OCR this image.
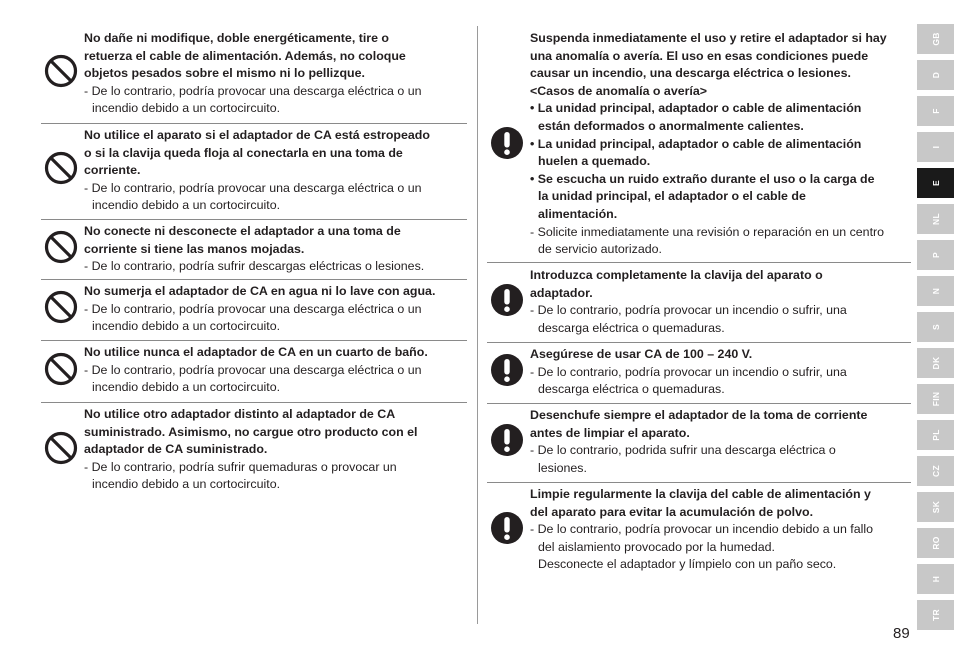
No dañe ni modifique, doble energéticamente, tire o
retuerza el cable de alimentación. Además, no coloque
objetos pesados sobre el mismo ni lo pellizque.
- De lo contrario, podría provocar una descarga eléctrica o un
incendio debido a un cortocircuito.
No utilice el aparato si el adaptador de CA está estropeado
o si la clavija queda floja al conectarla en una toma de
corriente.
- De lo contrario, podría provocar una descarga eléctrica o un
incendio debido a un cortocircuito.
No conecte ni desconecte el adaptador a una toma de
corriente si tiene las manos mojadas.
- De lo contrario, podría sufrir descargas eléctricas o lesiones.
No sumerja el adaptador de CA en agua ni lo lave con agua.
- De lo contrario, podría provocar una descarga eléctrica o un
incendio debido a un cortocircuito.
No utilice nunca el adaptador de CA en un cuarto de baño.
- De lo contrario, podría provocar una descarga eléctrica o un
incendio debido a un cortocircuito.
No utilice otro adaptador distinto al adaptador de CA
suministrado. Asimismo, no cargue otro producto con el
adaptador de CA suministrado.
- De lo contrario, podría sufrir quemaduras o provocar un
incendio debido a un cortocircuito.
Suspenda inmediatamente el uso y retire el adaptador si hay
una anomalía o avería. El uso en esas condiciones puede
causar un incendio, una descarga eléctrica o lesiones.
<Casos de anomalía o avería>
• La unidad principal, adaptador o cable de alimentación
están deformados o anormalmente calientes.
• La unidad principal, adaptador o cable de alimentación
huelen a quemado.
• Se escucha un ruido extraño durante el uso o la carga de
la unidad principal, el adaptador o el cable de
alimentación.
- Solicite inmediatamente una revisión o reparación en un centro
de servicio autorizado.
Introduzca completamente la clavija del aparato o
adaptador.
- De lo contrario, podría provocar un incendio o sufrir, una
descarga eléctrica o quemaduras.
Asegúrese de usar CA de 100 – 240 V.
- De lo contrario, podría provocar un incendio o sufrir, una
descarga eléctrica o quemaduras.
Desenchufe siempre el adaptador de la toma de corriente
antes de limpiar el aparato.
- De lo contrario, podrida sufrir una descarga eléctrica o
lesiones.
Limpie regularmente la clavija del cable de alimentación y
del aparato para evitar la acumulación de polvo.
- De lo contrario, podría provocar un incendio debido a un fallo
del aislamiento provocado por la humedad.
Desconecte el adaptador y límpielo con un paño seco.
GB
D
F
I
E
NL
P
N
S
DK
FIN
PL
CZ
SK
RO
H
TR
89
